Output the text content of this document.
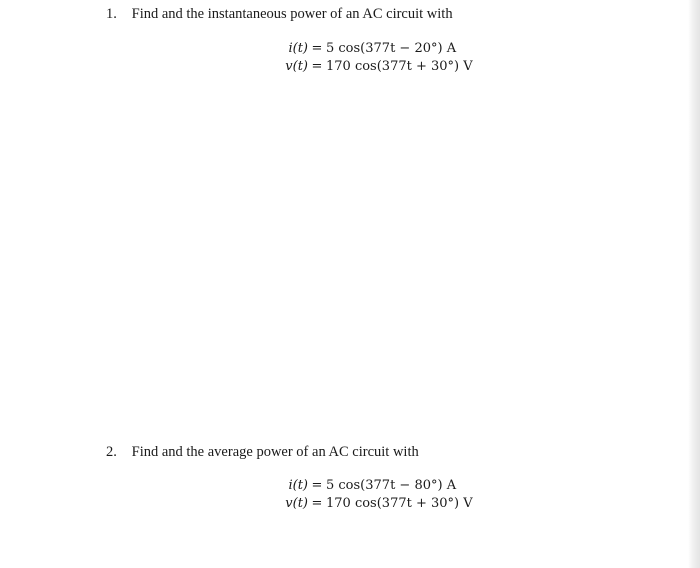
1. Find and the instantaneous power of an AC circuit with
i(t) = 5 cos(377t − 20°) A
v(t) = 170 cos(377t + 30°) V
2. Find and the average power of an AC circuit with
i(t) = 5 cos(377t − 80°) A
v(t) = 170 cos(377t + 30°) V
